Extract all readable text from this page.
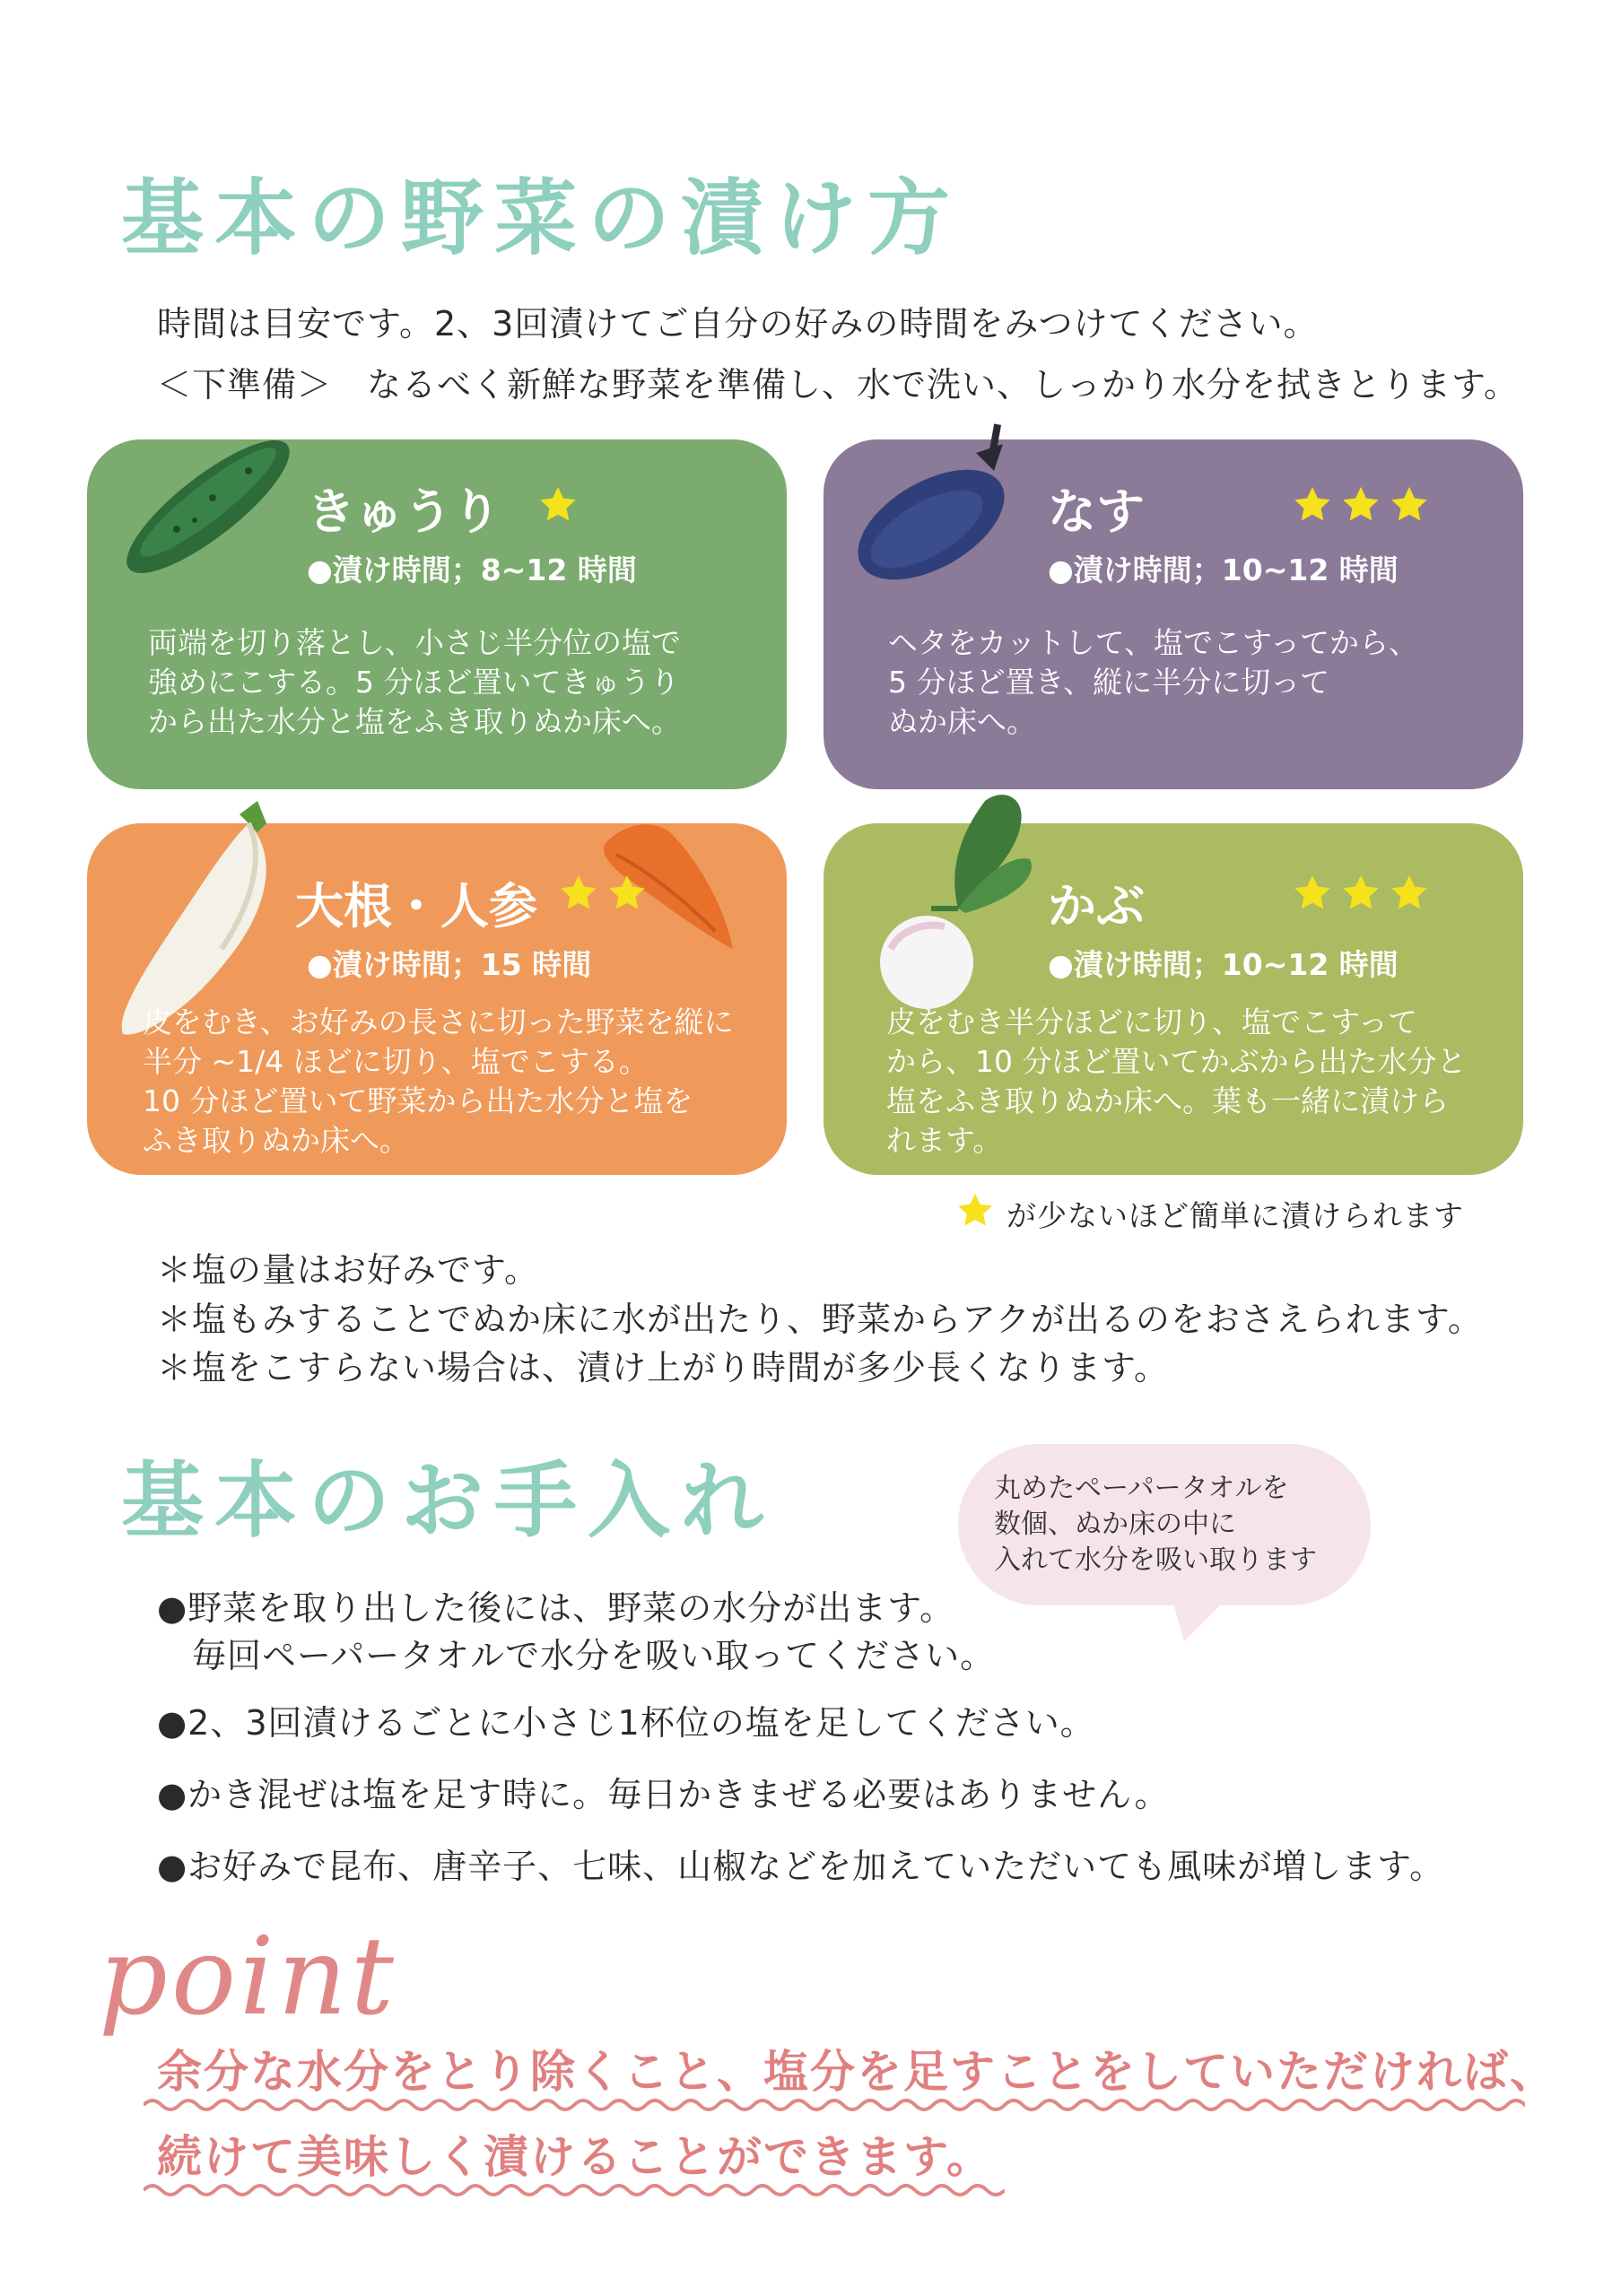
基本の野菜の漬け方

時間は目安です。2、3回漬けてご自分の好みの時間をみつけてください。

＜下準備＞　なるべく新鮮な野菜を準備し、水で洗い、しっかり水分を拭きとります。

きゅうり

●漬け時間；8~12 時間

両端を切り落とし、小さじ半分位の塩で

強めにこする。5 分ほど置いてきゅうり

から出た水分と塩をふき取りぬか床へ。

なす

●漬け時間；10~12 時間

ヘタをカットして、塩でこすってから、

5 分ほど置き、縦に半分に切って

ぬか床へ。

大根・人参

●漬け時間；15 時間

皮をむき、お好みの長さに切った野菜を縦に

半分 ~1/4 ほどに切り、塩でこする。

10 分ほど置いて野菜から出た水分と塩を

ふき取りぬか床へ。

かぶ

●漬け時間；10~12 時間

皮をむき半分ほどに切り、塩でこすって

から、10 分ほど置いてかぶから出た水分と

塩をふき取りぬか床へ。葉も一緒に漬けら

れます。

が少ないほど簡単に漬けられます

＊塩の量はお好みです。

＊塩もみすることでぬか床に水が出たり、野菜からアクが出るのをおさえられます。

＊塩をこすらない場合は、漬け上がり時間が多少長くなります。

基本のお手入れ	丸めたペーパータオルを

数個、ぬか床の中に

入れて水分を吸い取ります

●野菜を取り出した後には、野菜の水分が出ます。

　毎回ペーパータオルで水分を吸い取ってください。

●2、3回漬けるごとに小さじ1杯位の塩を足してください。

●かき混ぜは塩を足す時に。毎日かきまぜる必要はありません。

●お好みで昆布、唐辛子、七味、山椒などを加えていただいても風味が増します。

point

余分な水分をとり除くこと、塩分を足すことをしていただければ、

続けて美味しく漬けることができます。
